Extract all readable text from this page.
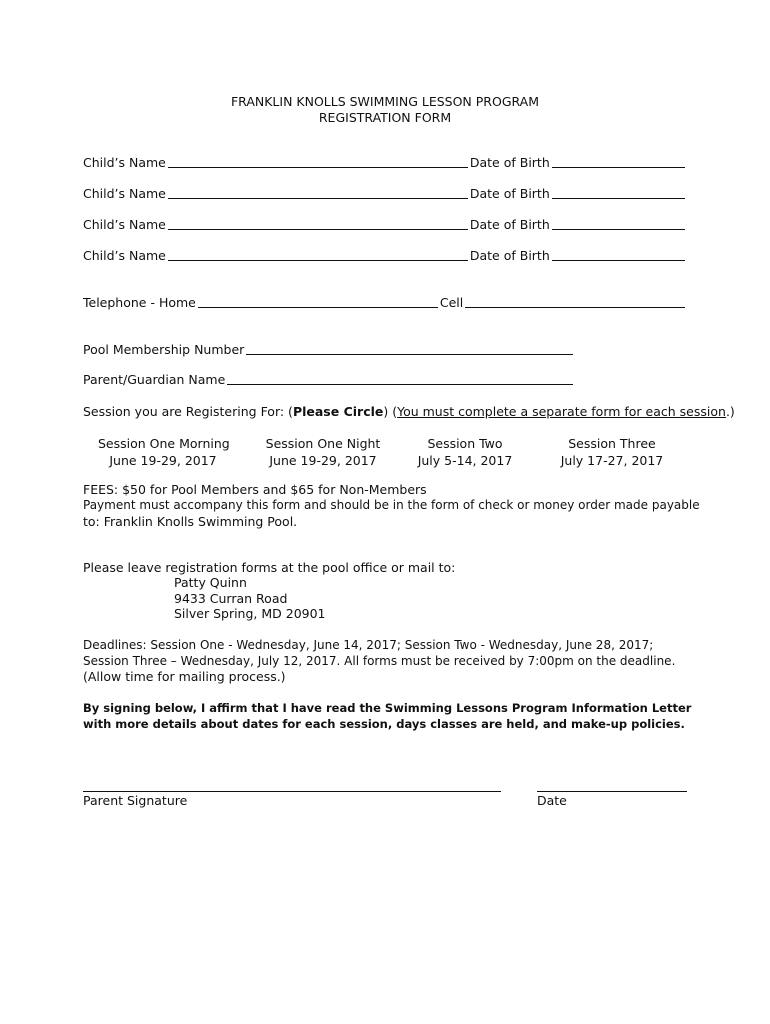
FRANKLIN KNOLLS SWIMMING LESSON PROGRAM
REGISTRATION FORM
Child’s Name	Date of Birth
Child’s Name	Date of Birth
Child’s Name	Date of Birth
Child’s Name	Date of Birth
Telephone - Home	Cell
Pool Membership Number
Parent/Guardian Name
Session you are Registering For: (Please Circle) (You must complete a separate form for each session.)
Session One Morning
June 19-29, 2017
Session One Night
June 19-29, 2017
Session Two
July 5-14, 2017
Session Three
July 17-27, 2017
FEES: $50 for Pool Members and $65 for Non-Members
Payment must accompany this form and should be in the form of check or money order made payable
to: Franklin Knolls Swimming Pool.
Please leave registration forms at the pool office or mail to:
Patty Quinn
9433 Curran Road
Silver Spring, MD 20901
Deadlines: Session One - Wednesday, June 14, 2017; Session Two - Wednesday, June 28, 2017;
Session Three – Wednesday, July 12, 2017. All forms must be received by 7:00pm on the deadline.
(Allow time for mailing process.)
By signing below, I affirm that I have read the Swimming Lessons Program Information Letter
with more details about dates for each session, days classes are held, and make-up policies.
Parent Signature	Date
